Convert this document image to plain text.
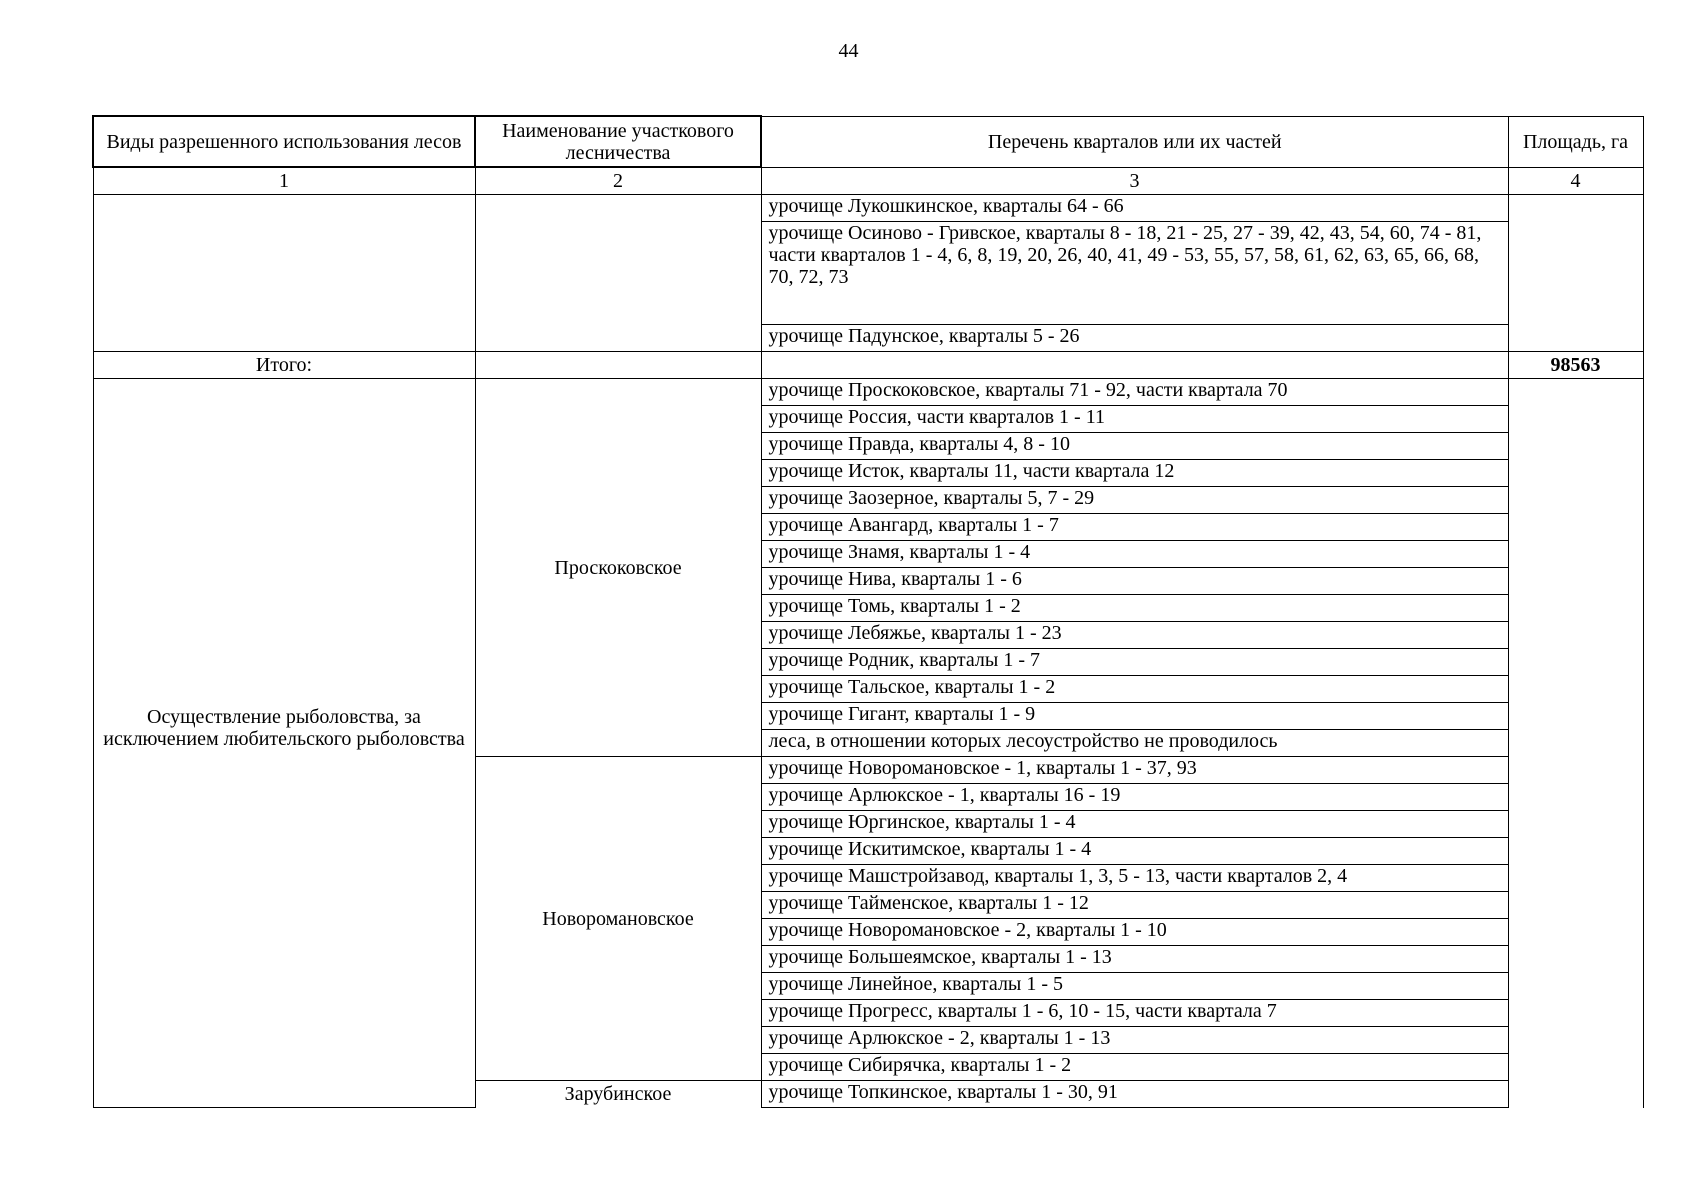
44
Виды разрешенного использования лесов	Наименование участкового лесничества	Перечень кварталов или их частей	Площадь, га
1	2	3	4
		урочище Лукошкинское, кварталы 64 - 66	
		урочище Осиново - Гривское, кварталы 8 - 18, 21 - 25, 27 - 39, 42, 43, 54, 60, 74 - 81, части кварталов 1 - 4, 6, 8, 19, 20, 26, 40, 41, 49 - 53, 55, 57, 58, 61, 62, 63, 65, 66, 68, 70, 72, 73	
		урочище Падунское, кварталы 5 - 26	
Итого:			98563
Осуществление рыболовства, за исключением любительского рыболовства	Проскоковское	урочище Проскоковское, кварталы 71 - 92, части квартала 70	
		урочище Россия, части кварталов 1 - 11	
		урочище Правда, кварталы 4, 8 - 10	
		урочище Исток, кварталы 11, части квартала 12	
		урочище Заозерное, кварталы 5, 7 - 29	
		урочище Авангард, кварталы 1 - 7	
		урочище Знамя, кварталы 1 - 4	
		урочище Нива, кварталы 1 - 6	
		урочище Томь, кварталы 1 - 2	
		урочище Лебяжье, кварталы 1 - 23	
		урочище Родник, кварталы 1 - 7	
		урочище Тальское, кварталы 1 - 2	
		урочище Гигант, кварталы 1 - 9	
		леса, в отношении которых лесоустройство не проводилось	
	Новоромановское	урочище Новоромановское - 1, кварталы 1 - 37, 93	
		урочище Арлюкское - 1, кварталы 16 - 19	
		урочище Юргинское, кварталы 1 - 4	
		урочище Искитимское, кварталы 1 - 4	
		урочище Машстройзавод, кварталы 1, 3, 5 - 13, части кварталов 2, 4	
		урочище Тайменское, кварталы 1 - 12	
		урочище Новоромановское - 2, кварталы 1 - 10	
		урочище Большеямское, кварталы 1 - 13	
		урочище Линейное, кварталы 1 - 5	
		урочище Прогресс, кварталы 1 - 6, 10 - 15, части квартала 7	
		урочище Арлюкское - 2, кварталы 1 - 13	
		урочище Сибирячка, кварталы 1 - 2	
	Зарубинское	урочище Топкинское, кварталы 1 - 30, 91	
